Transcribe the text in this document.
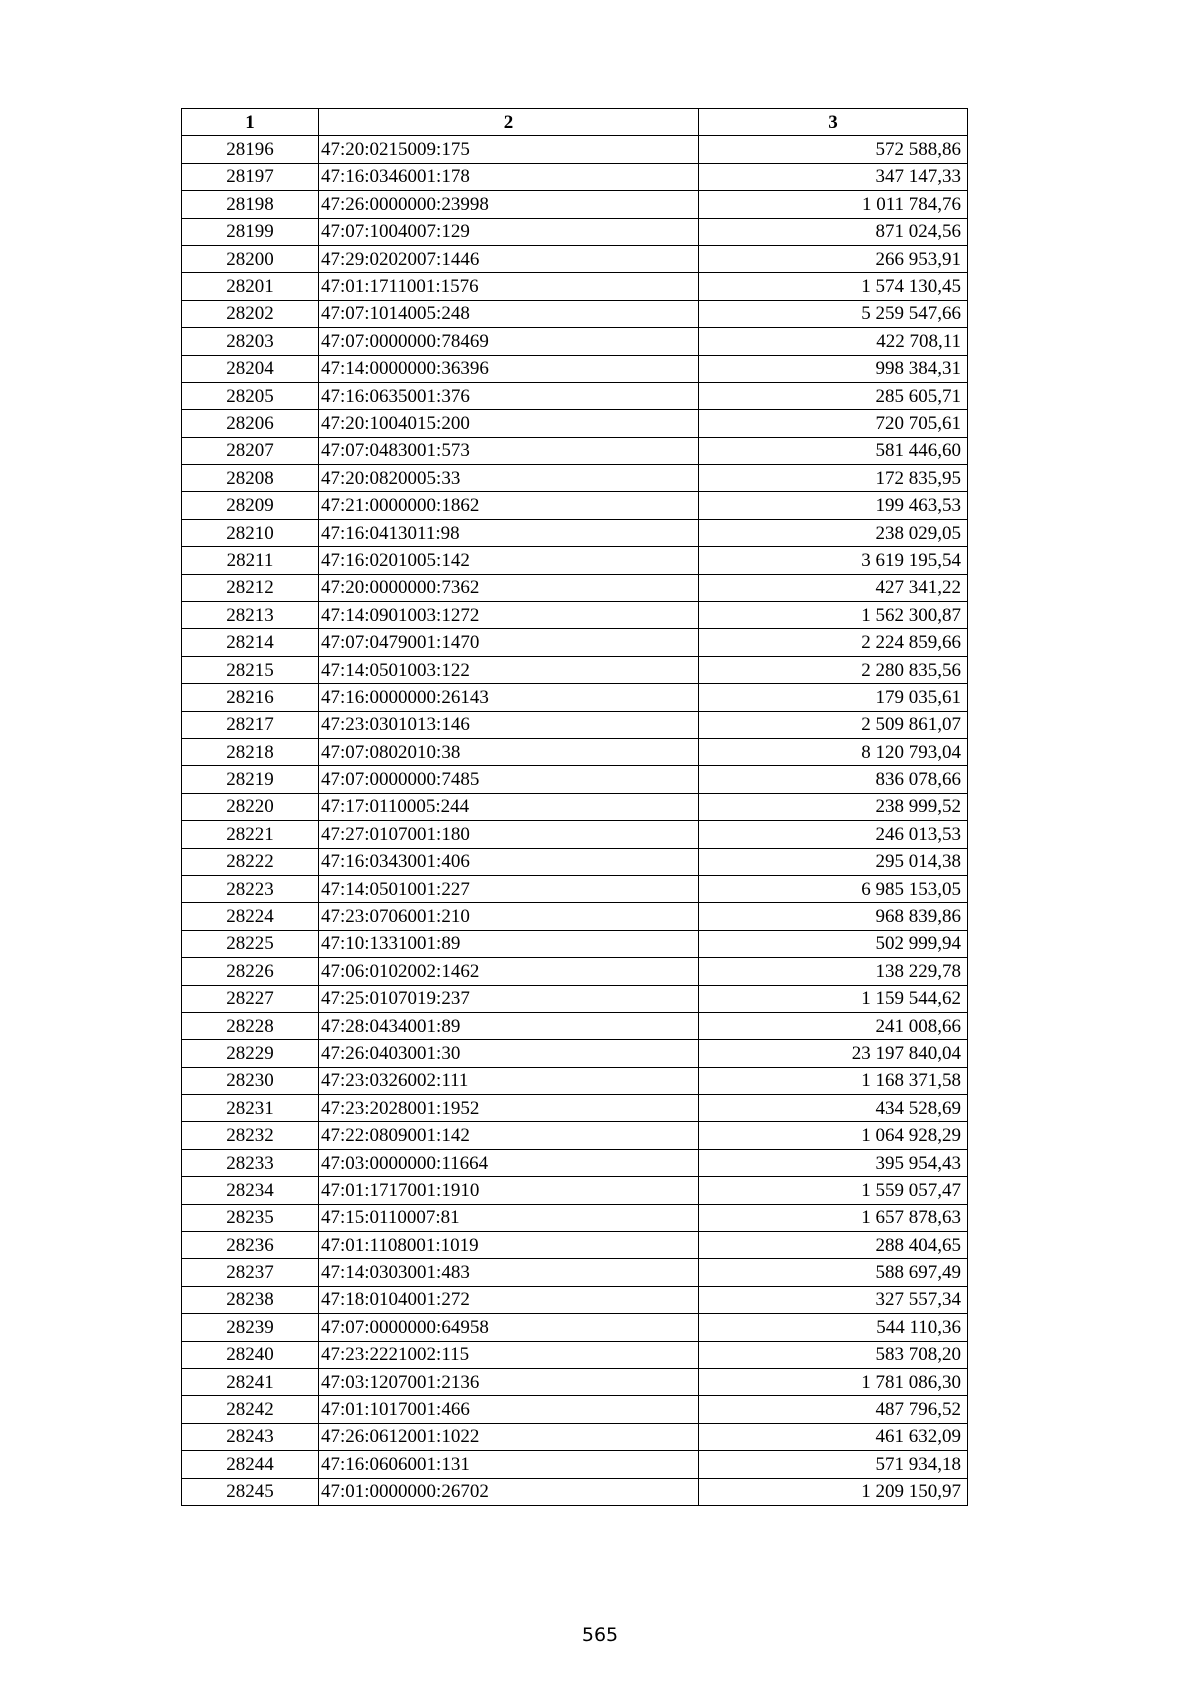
1	2	3
28196	47:20:0215009:175	572 588,86
28197	47:16:0346001:178	347 147,33
28198	47:26:0000000:23998	1 011 784,76
28199	47:07:1004007:129	871 024,56
28200	47:29:0202007:1446	266 953,91
28201	47:01:1711001:1576	1 574 130,45
28202	47:07:1014005:248	5 259 547,66
28203	47:07:0000000:78469	422 708,11
28204	47:14:0000000:36396	998 384,31
28205	47:16:0635001:376	285 605,71
28206	47:20:1004015:200	720 705,61
28207	47:07:0483001:573	581 446,60
28208	47:20:0820005:33	172 835,95
28209	47:21:0000000:1862	199 463,53
28210	47:16:0413011:98	238 029,05
28211	47:16:0201005:142	3 619 195,54
28212	47:20:0000000:7362	427 341,22
28213	47:14:0901003:1272	1 562 300,87
28214	47:07:0479001:1470	2 224 859,66
28215	47:14:0501003:122	2 280 835,56
28216	47:16:0000000:26143	179 035,61
28217	47:23:0301013:146	2 509 861,07
28218	47:07:0802010:38	8 120 793,04
28219	47:07:0000000:7485	836 078,66
28220	47:17:0110005:244	238 999,52
28221	47:27:0107001:180	246 013,53
28222	47:16:0343001:406	295 014,38
28223	47:14:0501001:227	6 985 153,05
28224	47:23:0706001:210	968 839,86
28225	47:10:1331001:89	502 999,94
28226	47:06:0102002:1462	138 229,78
28227	47:25:0107019:237	1 159 544,62
28228	47:28:0434001:89	241 008,66
28229	47:26:0403001:30	23 197 840,04
28230	47:23:0326002:111	1 168 371,58
28231	47:23:2028001:1952	434 528,69
28232	47:22:0809001:142	1 064 928,29
28233	47:03:0000000:11664	395 954,43
28234	47:01:1717001:1910	1 559 057,47
28235	47:15:0110007:81	1 657 878,63
28236	47:01:1108001:1019	288 404,65
28237	47:14:0303001:483	588 697,49
28238	47:18:0104001:272	327 557,34
28239	47:07:0000000:64958	544 110,36
28240	47:23:2221002:115	583 708,20
28241	47:03:1207001:2136	1 781 086,30
28242	47:01:1017001:466	487 796,52
28243	47:26:0612001:1022	461 632,09
28244	47:16:0606001:131	571 934,18
28245	47:01:0000000:26702	1 209 150,97
565
